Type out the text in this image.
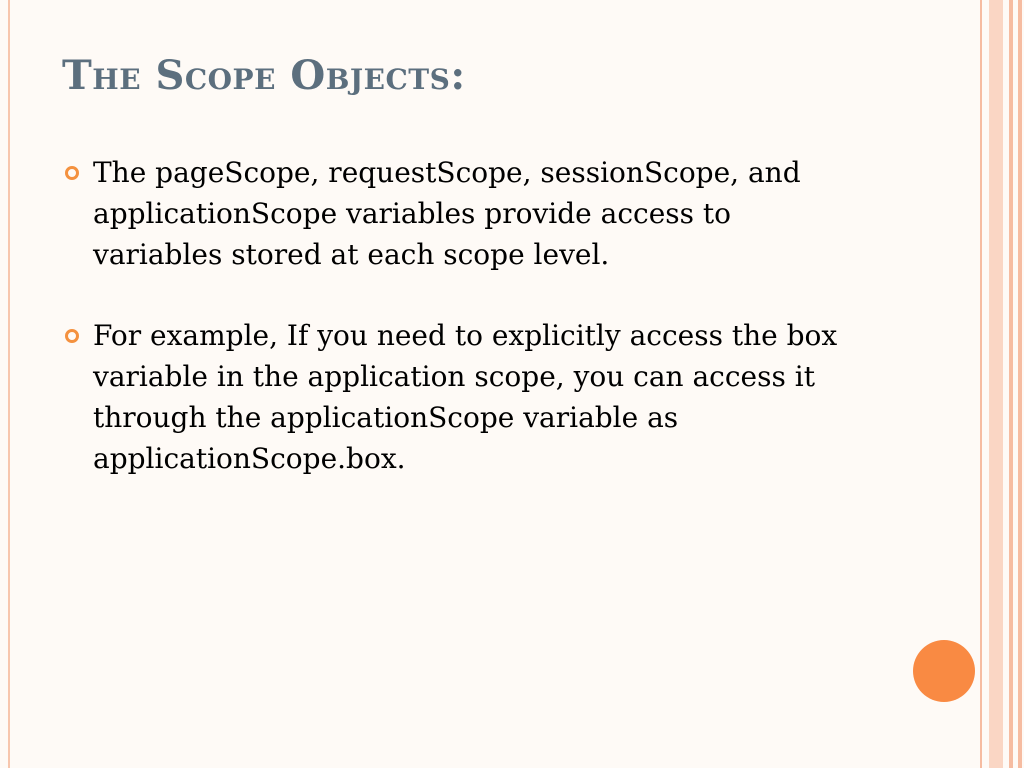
The Scope Objects:
The pageScope, requestScope, sessionScope, and applicationScope variables provide access to variables stored at each scope level.
For example, If you need to explicitly access the box variable in the application scope, you can access it through the applicationScope variable as applicationScope.box.
